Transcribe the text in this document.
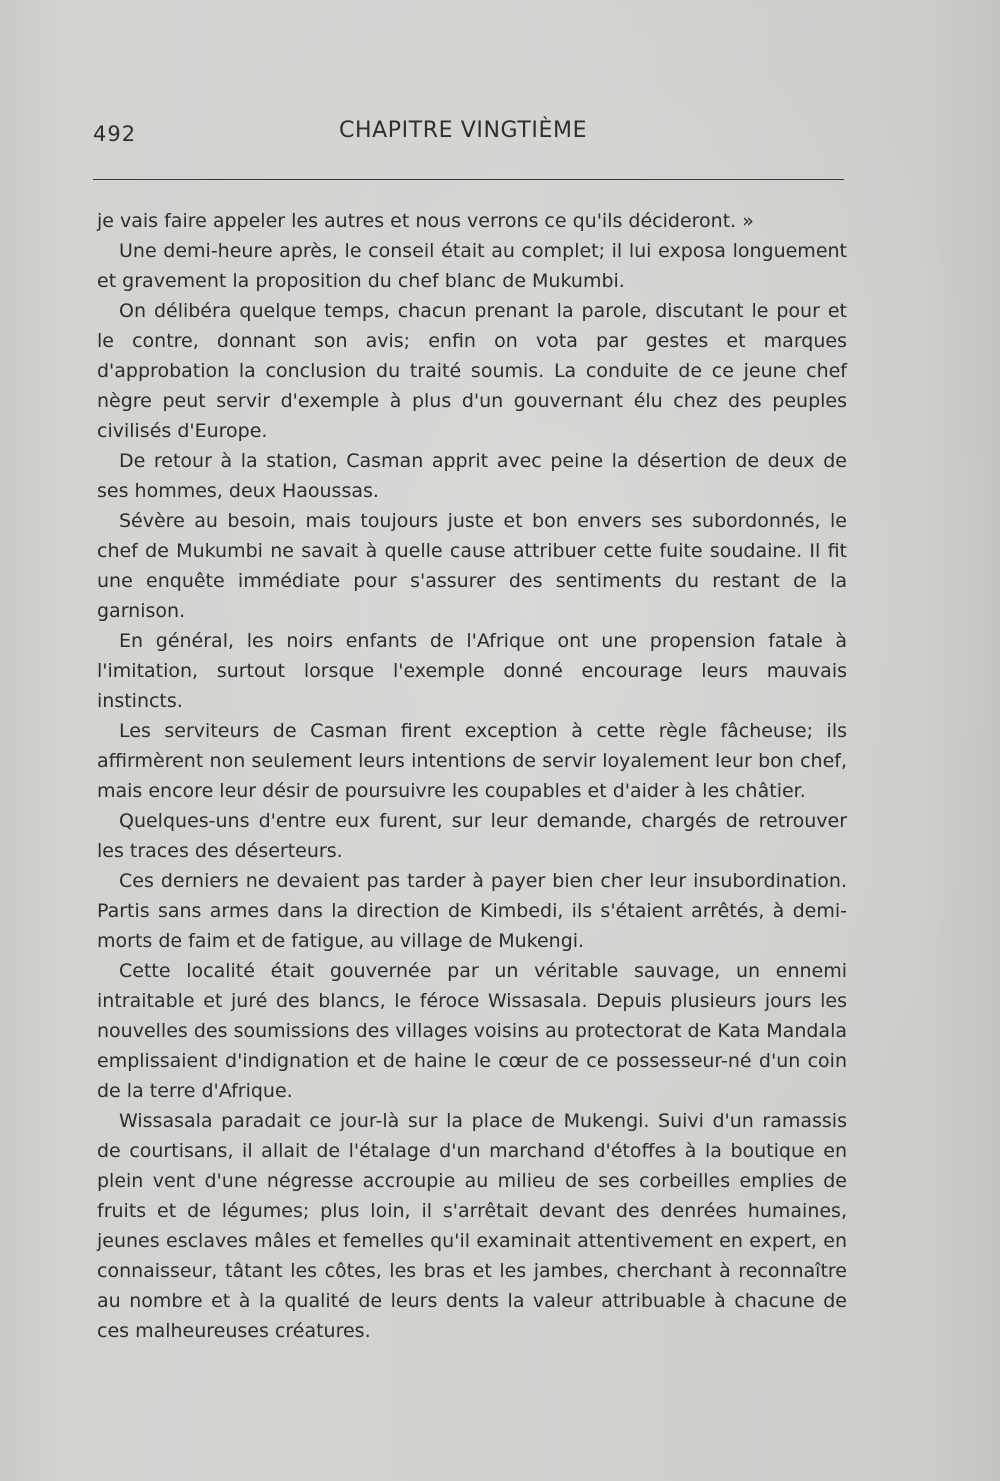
492	CHAPITRE VINGTIÈME

je vais faire appeler les autres et nous verrons ce qu'ils décideront. »

Une demi-heure après, le conseil était au complet; il lui exposa longuement et gravement la proposition du chef blanc de Mukumbi.

On délibéra quelque temps, chacun prenant la parole, discutant le pour et le contre, donnant son avis; enfin on vota par gestes et marques d'approbation la conclusion du traité soumis. La conduite de ce jeune chef nègre peut servir d'exemple à plus d'un gouvernant élu chez des peuples civilisés d'Europe.

De retour à la station, Casman apprit avec peine la désertion de deux de ses hommes, deux Haoussas.

Sévère au besoin, mais toujours juste et bon envers ses subordonnés, le chef de Mukumbi ne savait à quelle cause attribuer cette fuite soudaine. Il fit une enquête immédiate pour s'assurer des sentiments du restant de la garnison.

En général, les noirs enfants de l'Afrique ont une propension fatale à l'imitation, surtout lorsque l'exemple donné encourage leurs mauvais instincts.

Les serviteurs de Casman firent exception à cette règle fâcheuse; ils affirmèrent non seulement leurs intentions de servir loyalement leur bon chef, mais encore leur désir de poursuivre les coupables et d'aider à les châtier.

Quelques-uns d'entre eux furent, sur leur demande, chargés de retrouver les traces des déserteurs.

Ces derniers ne devaient pas tarder à payer bien cher leur insubordination. Partis sans armes dans la direction de Kimbedi, ils s'étaient arrêtés, à demi-morts de faim et de fatigue, au village de Mukengi.

Cette localité était gouvernée par un véritable sauvage, un ennemi intraitable et juré des blancs, le féroce Wissasala. Depuis plusieurs jours les nouvelles des soumissions des villages voisins au protectorat de Kata Mandala emplissaient d'indignation et de haine le cœur de ce possesseur-né d'un coin de la terre d'Afrique.

Wissasala paradait ce jour-là sur la place de Mukengi. Suivi d'un ramassis de courtisans, il allait de l'étalage d'un marchand d'étoffes à la boutique en plein vent d'une négresse accroupie au milieu de ses corbeilles emplies de fruits et de légumes; plus loin, il s'arrêtait devant des denrées humaines, jeunes esclaves mâles et femelles qu'il examinait attentivement en expert, en connaisseur, tâtant les côtes, les bras et les jambes, cherchant à reconnaître au nombre et à la qualité de leurs dents la valeur attribuable à chacune de ces malheureuses créatures.
